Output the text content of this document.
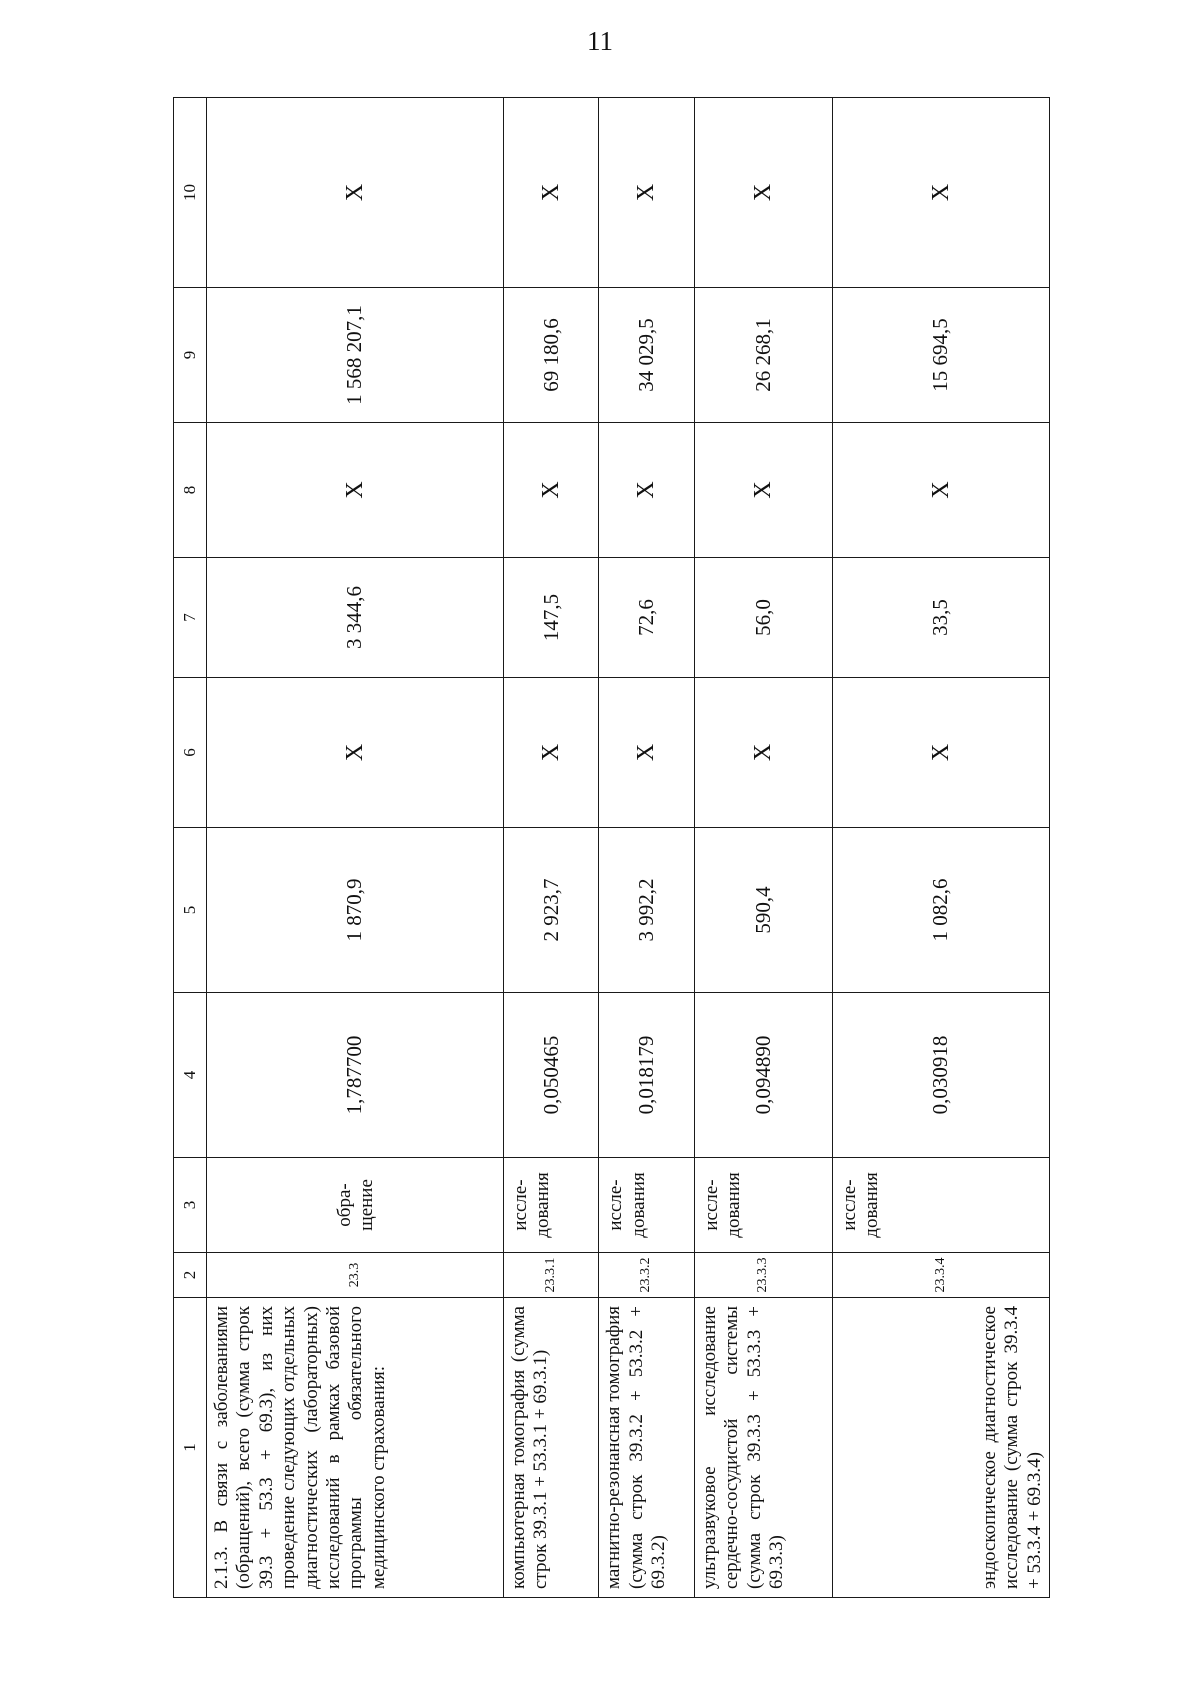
11
1	2	3	4	5	6	7	8	9	10
2.1.3. В связи с заболеваниями (обращений), всего (сумма строк 39.3 + 53.3 + 69.3), из них проведение следующих отдельных диагностических (лабораторных) исследований в рамках базовой программы обязательного медицинского страхования:	23.3	обра-щение	1,787700	1 870,9	X	3 344,6	X	1 568 207,1	X
компьютерная томография (сумма строк 39.3.1 + 53.3.1 + 69.3.1)	23.3.1	иссле-дования	0,050465	2 923,7	X	147,5	X	69 180,6	X
магнитно-резонансная томография (сумма строк 39.3.2 + 53.3.2 + 69.3.2)	23.3.2	иссле-дования	0,018179	3 992,2	X	72,6	X	34 029,5	X
ультразвуковое исследование сердечно-сосудистой системы (сумма строк 39.3.3 + 53.3.3 + 69.3.3)	23.3.3	иссле-дования	0,094890	590,4	X	56,0	X	26 268,1	X
эндоскопическое диагностическое исследование (сумма строк 39.3.4 + 53.3.4 + 69.3.4)	23.3.4	иссле-дования	0,030918	1 082,6	X	33,5	X	15 694,5	X
